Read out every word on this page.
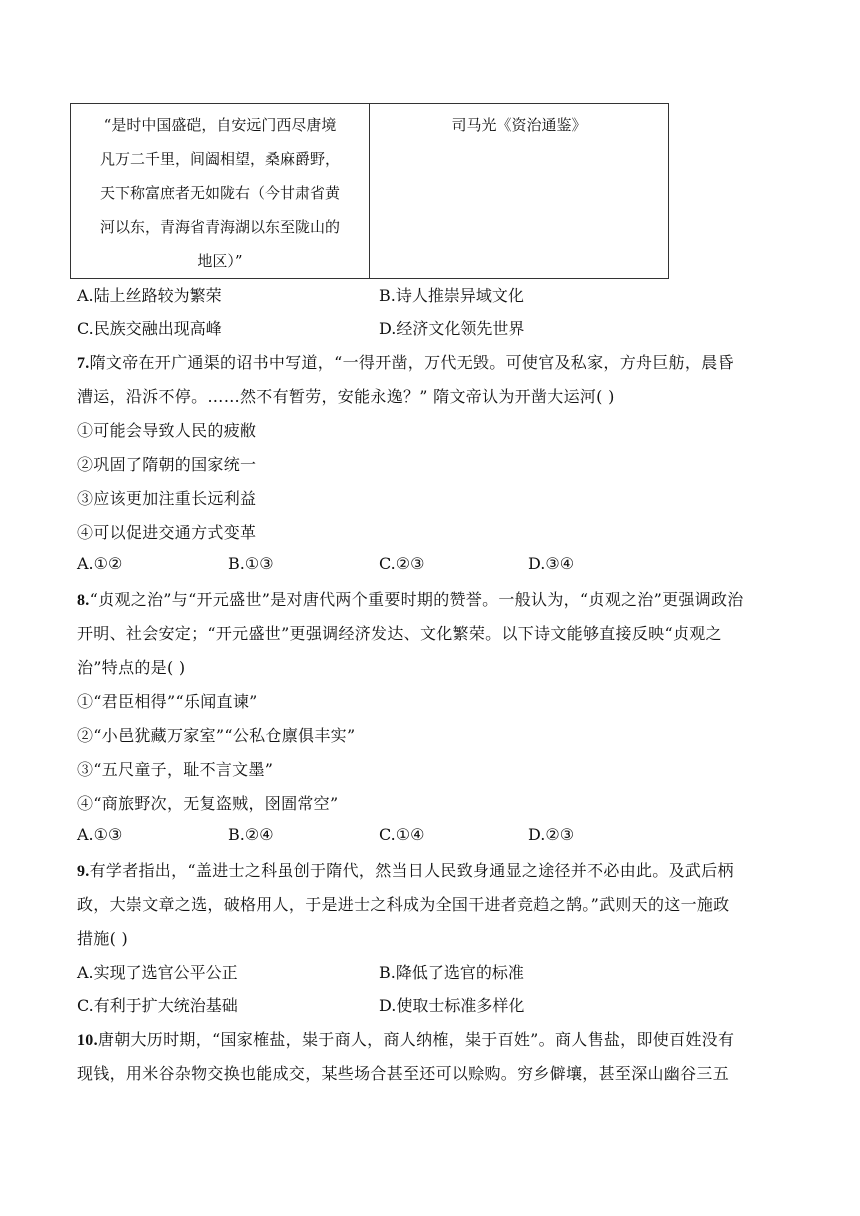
“是时中国盛硙，自安远门西尽唐境
凡万二千里，间阖相望，桑麻爵野，
天下称富庶者无如陇右（今甘肃省黄
河以东，青海省青海湖以东至陇山的
地区）”

司马光《资治通鉴》
A.陆上丝路较为繁荣	B.诗人推崇异域文化
C.民族交融出现高峰	D.经济文化领先世界
7.隋文帝在开广通渠的诏书中写道，“一得开凿，万代无毁。可使官及私家，方舟巨舫，晨昏
漕运，沿泝不停。……然不有暂劳，安能永逸？” 隋文帝认为开凿大运河( )
①可能会导致人民的疲敝
②巩固了隋朝的国家统一
③应该更加注重长远利益
④可以促进交通方式变革
A.①②	B.①③	C.②③	D.③④
8.“贞观之治”与“开元盛世”是对唐代两个重要时期的赞誉。一般认为，“贞观之治”更强调政治
开明、社会安定；“开元盛世”更强调经济发达、文化繁荣。以下诗文能够直接反映“贞观之
治”特点的是( )
①“君臣相得”“乐闻直谏”
②“小邑犹藏万家室”“公私仓廪俱丰实”
③“五尺童子，耻不言文墨”
④“商旅野次，无复盗贼，囹圄常空”
A.①③	B.②④	C.①④	D.②③
9.有学者指出，“盖进士之科虽创于隋代，然当日人民致身通显之途径并不必由此。及武后柄
政，大崇文章之选，破格用人，于是进士之科成为全国干进者竞趋之鹄。”武则天的这一施政
措施( )
A.实现了选官公平公正	B.降低了选官的标准
C.有利于扩大统治基础	D.使取士标准多样化
10.唐朝大历时期，“国家榷盐，粜于商人，商人纳榷，粜于百姓”。商人售盐，即使百姓没有
现钱，用米谷杂物交换也能成交，某些场合甚至还可以赊购。穷乡僻壤，甚至深山幽谷三五
